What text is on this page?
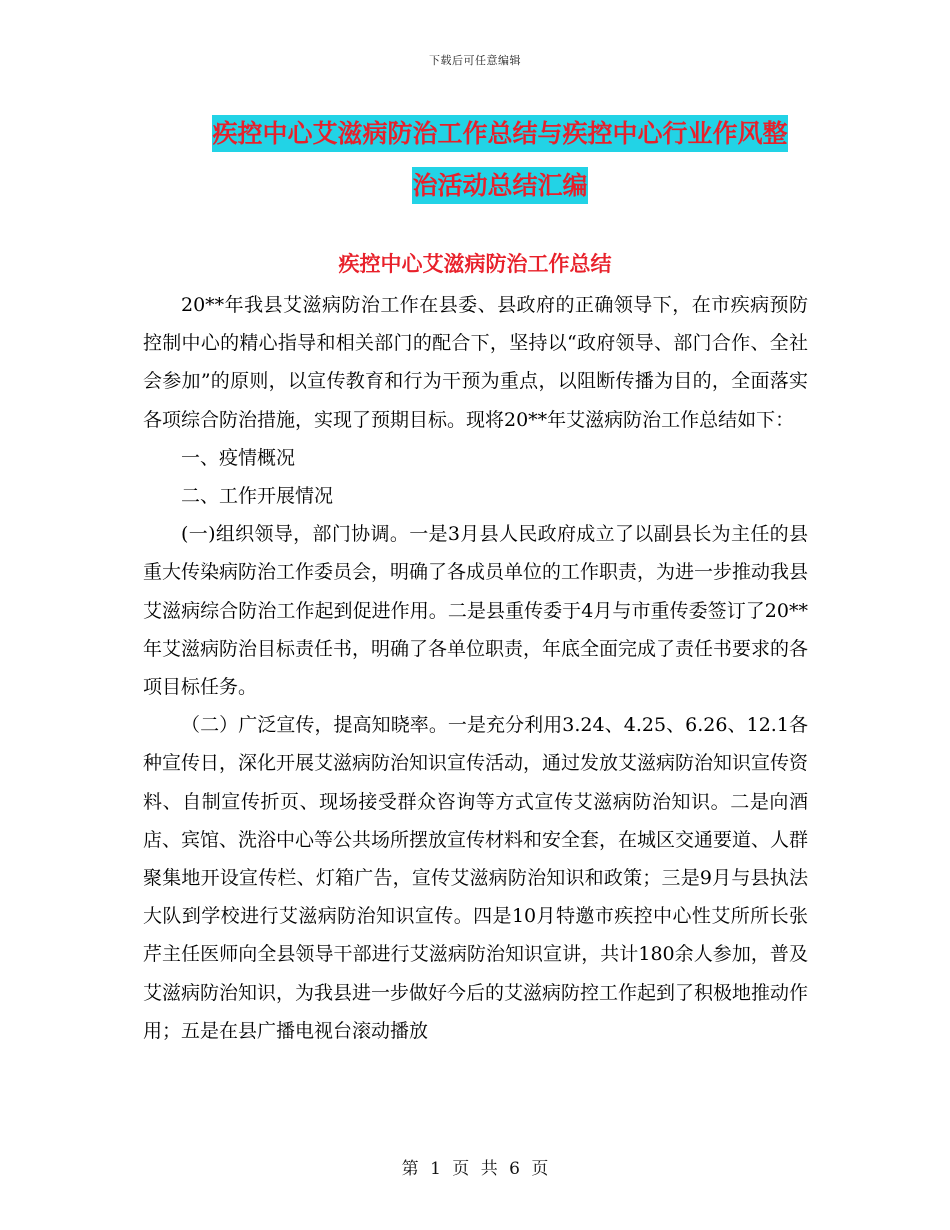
下载后可任意编辑
疾控中心艾滋病防治工作总结与疾控中心行业作风整
治活动总结汇编
疾控中心艾滋病防治工作总结

20**年我县艾滋病防治工作在县委、县政府的正确领导下，在市疾病预防控制中心的精心指导和相关部门的配合下，坚持以“政府领导、部门合作、全社会参加”的原则，以宣传教育和行为干预为重点，以阻断传播为目的，全面落实各项综合防治措施，实现了预期目标。现将20**年艾滋病防治工作总结如下：

一、疫情概况

二、工作开展情况

(一)组织领导，部门协调。一是3月县人民政府成立了以副县长为主任的县重大传染病防治工作委员会，明确了各成员单位的工作职责，为进一步推动我县艾滋病综合防治工作起到促进作用。二是县重传委于4月与市重传委签订了20**年艾滋病防治目标责任书，明确了各单位职责，年底全面完成了责任书要求的各项目标任务。

（二）广泛宣传，提高知晓率。一是充分利用3.24、4.25、6.26、12.1各种宣传日，深化开展艾滋病防治知识宣传活动，通过发放艾滋病防治知识宣传资料、自制宣传折页、现场接受群众咨询等方式宣传艾滋病防治知识。二是向酒店、宾馆、洗浴中心等公共场所摆放宣传材料和安全套，在城区交通要道、人群聚集地开设宣传栏、灯箱广告，宣传艾滋病防治知识和政策；三是9月与县执法大队到学校进行艾滋病防治知识宣传。四是10月特邀市疾控中心性艾所所长张芹主任医师向全县领导干部进行艾滋病防治知识宣讲，共计180余人参加，普及艾滋病防治知识，为我县进一步做好今后的艾滋病防控工作起到了积极地推动作用；五是在县广播电视台滚动播放

第 1 页 共 6 页
